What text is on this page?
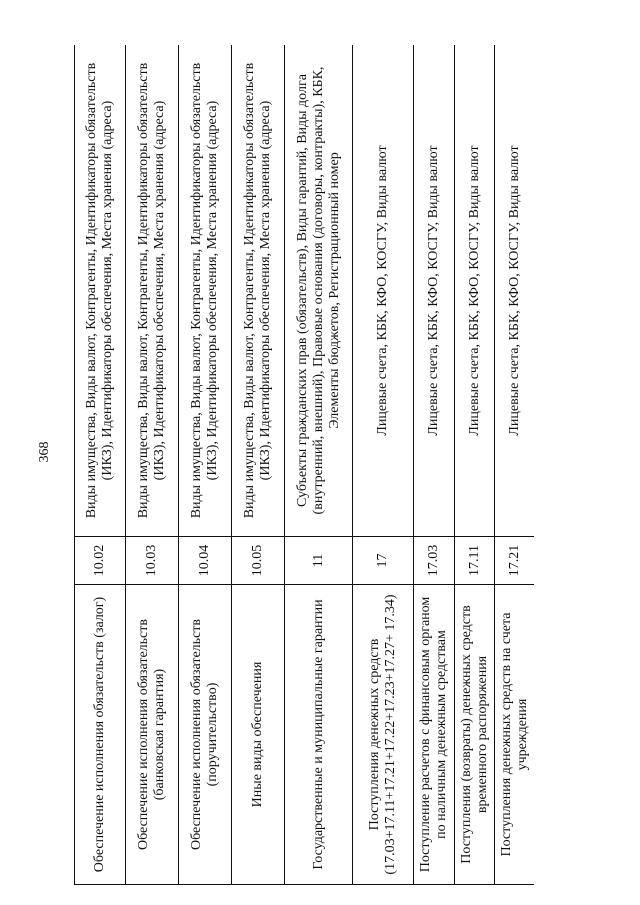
368
Обеспечение исполнения обязательств (залог)	10.02	Виды имущества, Виды валют, Контрагенты, Идентификаторы обязательств (ИКЗ), Идентификаторы обеспечения, Места хранения (адреса)
Обеспечение исполнения обязательств (банковская гарантия)	10.03	Виды имущества, Виды валют, Контрагенты, Идентификаторы обязательств (ИКЗ), Идентификаторы обеспечения, Места хранения (адреса)
Обеспечение исполнения обязательств (поручительство)	10.04	Виды имущества, Виды валют, Контрагенты, Идентификаторы обязательств (ИКЗ), Идентификаторы обеспечения, Места хранения (адреса)
Иные виды обеспечения	10.05	Виды имущества, Виды валют, Контрагенты, Идентификаторы обязательств (ИКЗ), Идентификаторы обеспечения, Места хранения (адреса)
Государственные и муниципальные гарантии	11	Субъекты гражданских прав (обязательств), Виды гарантий, Виды долга (внутренний, внешний), Правовые основания (договоры, контракты), КБК, Элементы бюджетов, Регистрационный номер
Поступления денежных средств (17.03+17.11+17.21+17.22+17.23+17.27+ 17.34)	17	Лицевые счета, КБК, КФО, КОСГУ, Виды валют
Поступление расчетов с финансовым органом по наличным денежным средствам	17.03	Лицевые счета, КБК, КФО, КОСГУ, Виды валют
Поступления (возвраты) денежных средств временного распоряжения	17.11	Лицевые счета, КБК, КФО, КОСГУ, Виды валют
Поступления денежных средств на счета учреждения	17.21	Лицевые счета, КБК, КФО, КОСГУ, Виды валют
